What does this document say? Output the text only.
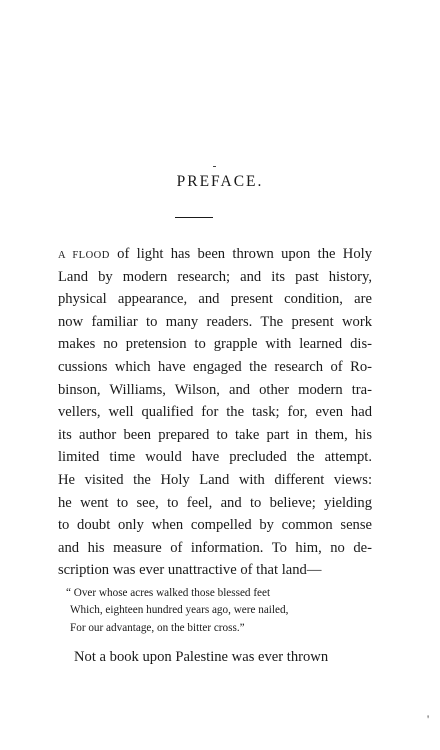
PREFACE.
A FLOOD of light has been thrown upon the Holy
Land by modern research; and its past history,
physical appearance, and present condition, are
now familiar to many readers. The present work
makes no pretension to grapple with learned dis-
cussions which have engaged the research of Ro-
binson, Williams, Wilson, and other modern tra-
vellers, well qualified for the task; for, even had
its author been prepared to take part in them, his
limited time would have precluded the attempt.
He visited the Holy Land with different views:
he went to see, to feel, and to believe; yielding
to doubt only when compelled by common sense
and his measure of information. To him, no de-
scription was ever unattractive of that land—
“ Over whose acres walked those blessed feet
Which, eighteen hundred years ago, were nailed,
For our advantage, on the bitter cross.”
Not a book upon Palestine was ever thrown
'
